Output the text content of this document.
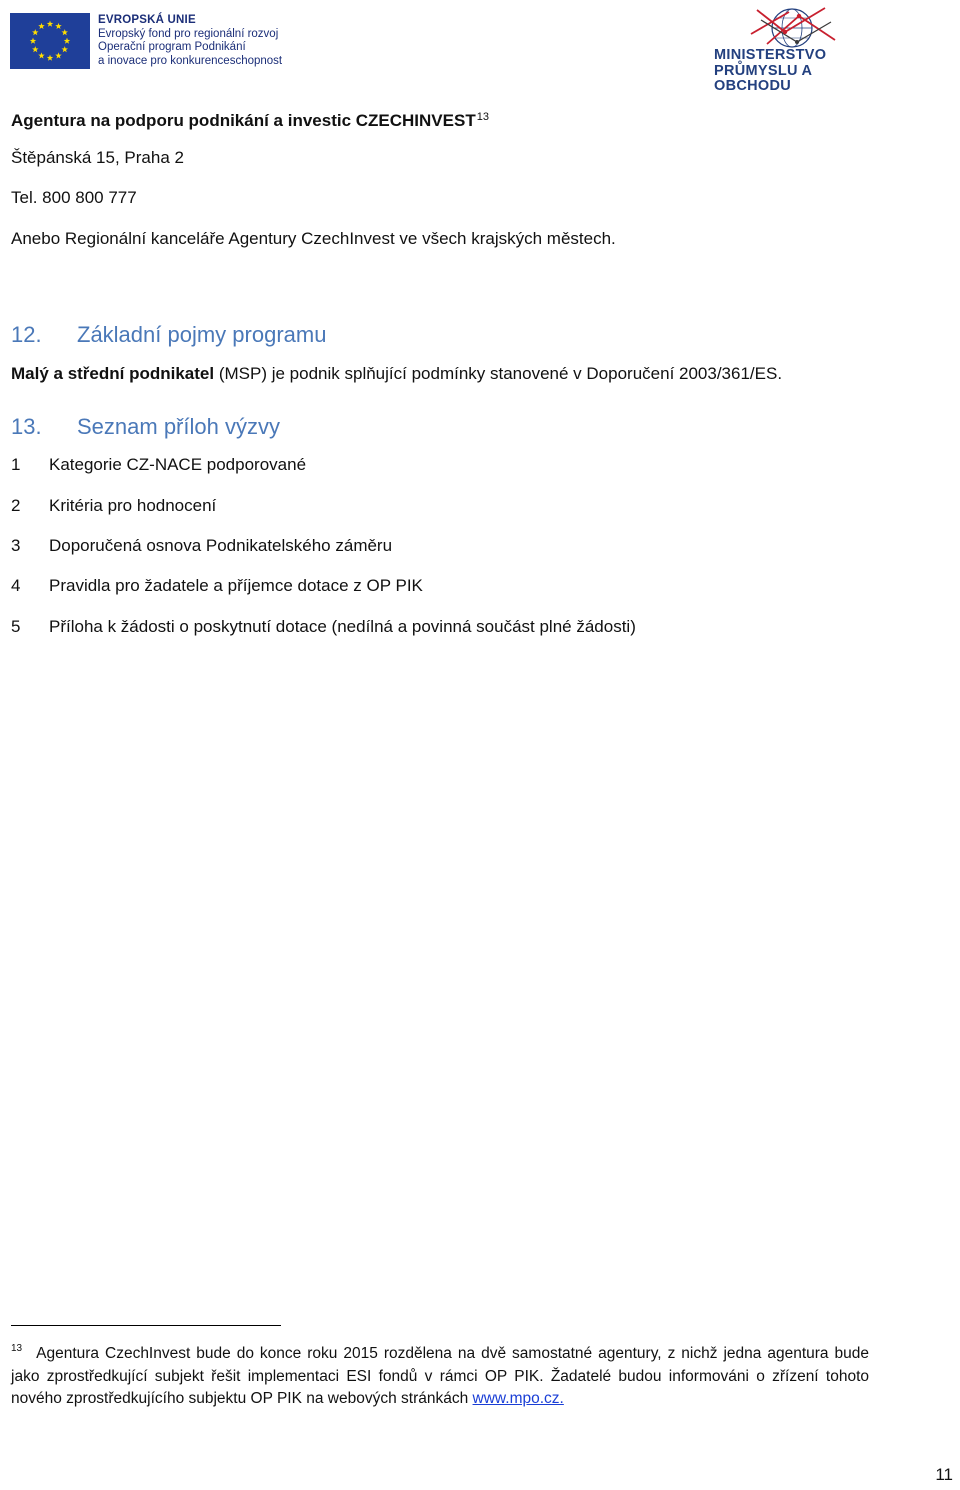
EVROPSKÁ UNIE
Evropský fond pro regionální rozvoj
Operační program Podnikání
a inovace pro konkurenceschopnost	MINISTERSTVO
PRŮMYSLU A OBCHODU
Agentura na podporu podnikání a investic CZECHINVEST$^{13}$
Štěpánská 15, Praha 2
Tel. 800 800 777
Anebo Regionální kanceláře Agentury CzechInvest ve všech krajských městech.
12. Základní pojmy programu
Malý a střední podnikatel (MSP) je podnik splňující podmínky stanovené v Doporučení 2003/361/ES.
13. Seznam příloh výzvy
1 Kategorie CZ-NACE podporované
2 Kritéria pro hodnocení
3 Doporučená osnova Podnikatelského záměru
4 Pravidla pro žadatele a příjemce dotace z OP PIK
5 Příloha k žádosti o poskytnutí dotace (nedílná a povinná součást plné žádosti)
$^{13}$ Agentura CzechInvest bude do konce roku 2015 rozdělena na dvě samostatné agentury, z nichž jedna agentura bude jako zprostředkující subjekt řešit implementaci ESI fondů v rámci OP PIK. Žadatelé budou informováni o zřízení tohoto nového zprostředkujícího subjektu OP PIK na webových stránkách www.mpo.cz.
11
